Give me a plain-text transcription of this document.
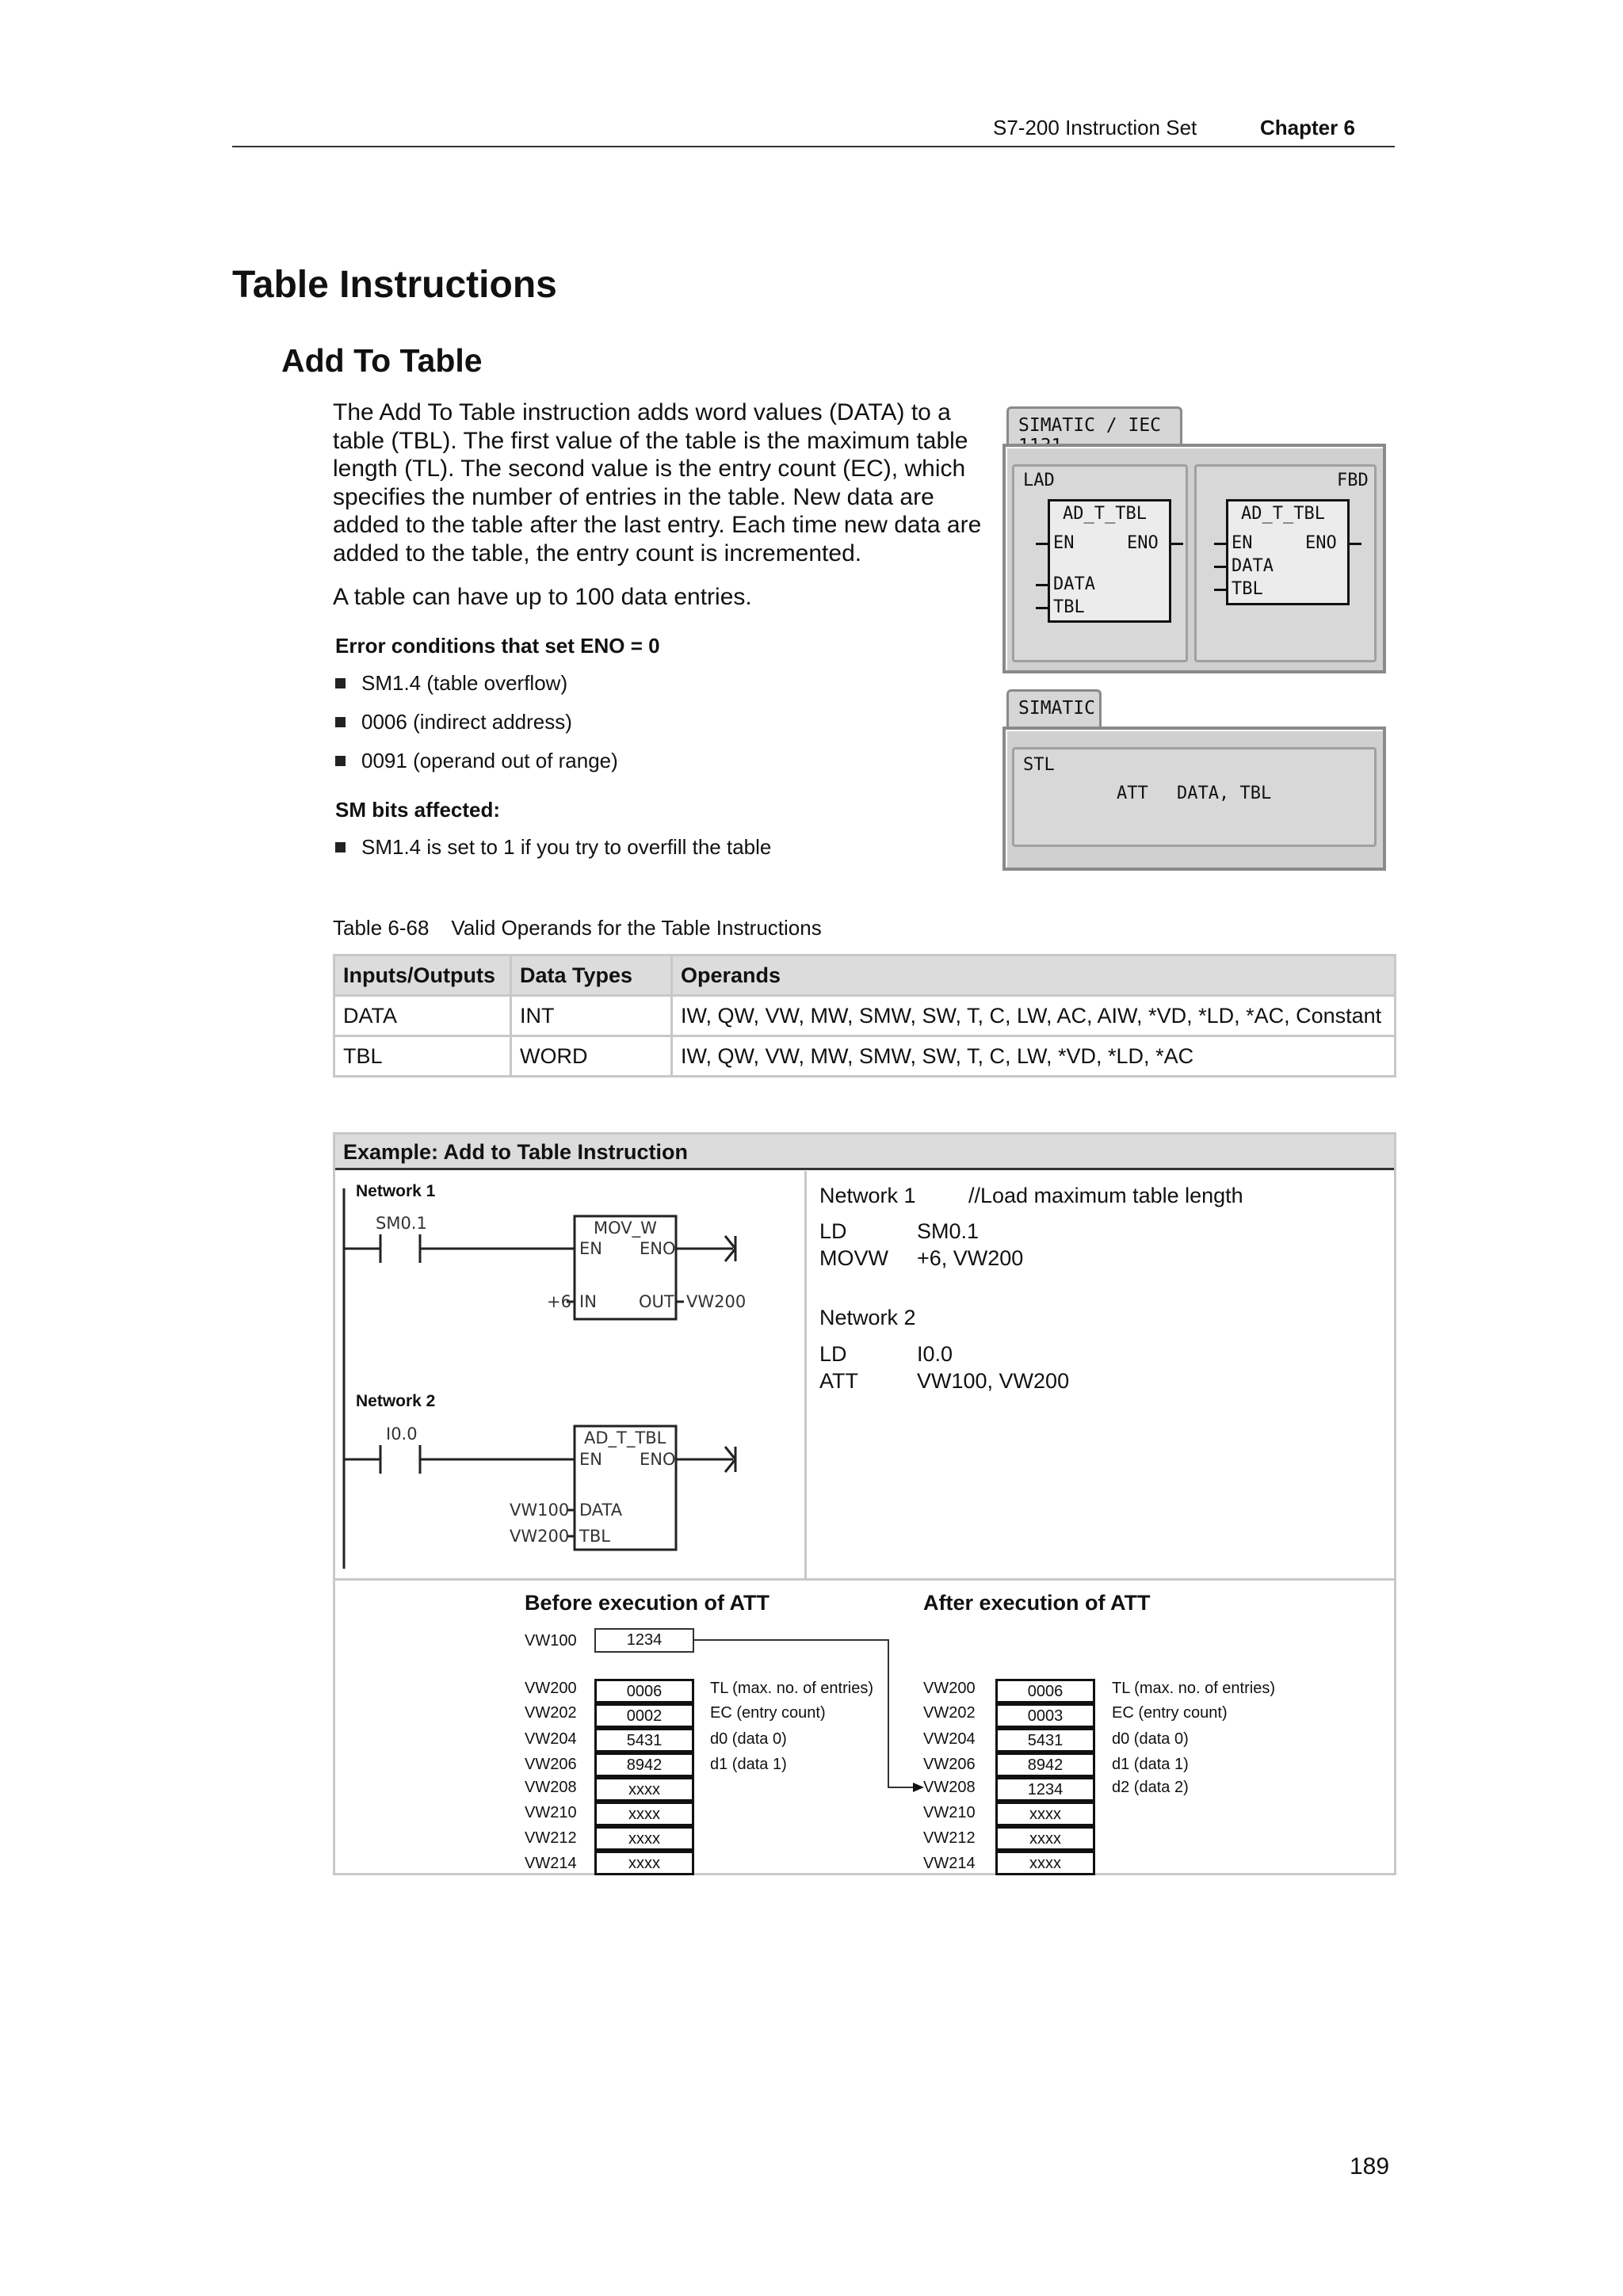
S7-200 Instruction Set	Chapter 6
Table Instructions
Add To Table
The Add To Table instruction adds word values (DATA) to a table (TBL). The first value of the table is the maximum table length (TL). The second value is the entry count (EC), which specifies the number of entries in the table. New data are added to the table after the last entry. Each time new data are added to the table, the entry count is incremented.
A table can have up to 100 data entries.
Error conditions that set ENO = 0
SM1.4 (table overflow)
0006 (indirect address)
0091 (operand out of range)
SM bits affected:
SM1.4 is set to 1 if you try to overfill the table
SIMATIC / IEC
LAD	FBD
AD_T_TBL
EN	ENO
DATA
TBL
AD_T_TBL
EN	ENO
DATA
TBL
SIMATIC
STL
ATT DATA, TBL
Table 6-68 Valid Operands for the Table Instructions
Inputs/Outputs	Data Types	Operands
DATA	INT	IW, QW, VW, MW, SMW, SW, T, C, LW, AC, AIW, *VD, *LD, *AC, Constant
TBL	WORD	IW, QW, VW, MW, SMW, SW, T, C, LW, *VD, *LD, *AC
Example: Add to Table Instruction
Network 1
SM0.1	MOV_W
EN ENO
IN	OUT
+6	VW200
Network 2
I0.0	AD_T_TBL
EN ENO
DATA
TBL
VW100
VW200
Network 1 //Load maximum table length
LD	SM0.1
MOVW +6, VW200
Network 2
LD	I0.0
ATT	VW100, VW200
Before execution of ATT	After execution of ATT
VW100	1234
VW200	0006	TL (max. no. of entries)
VW202	0002	EC (entry count)
VW204	5431	d0 (data 0)
VW206	8942	d1 (data 1)
VW208	xxxx
VW210	xxxx
VW212	xxxx
VW214	xxxx
VW200	0006	TL (max. no. of entries)
VW202	0003	EC (entry count)
VW204	5431	d0 (data 0)
VW206	8942	d1 (data 1)
VW208	1234	d2 (data 2)
VW210	xxxx
VW212	xxxx
VW214	xxxx
189
